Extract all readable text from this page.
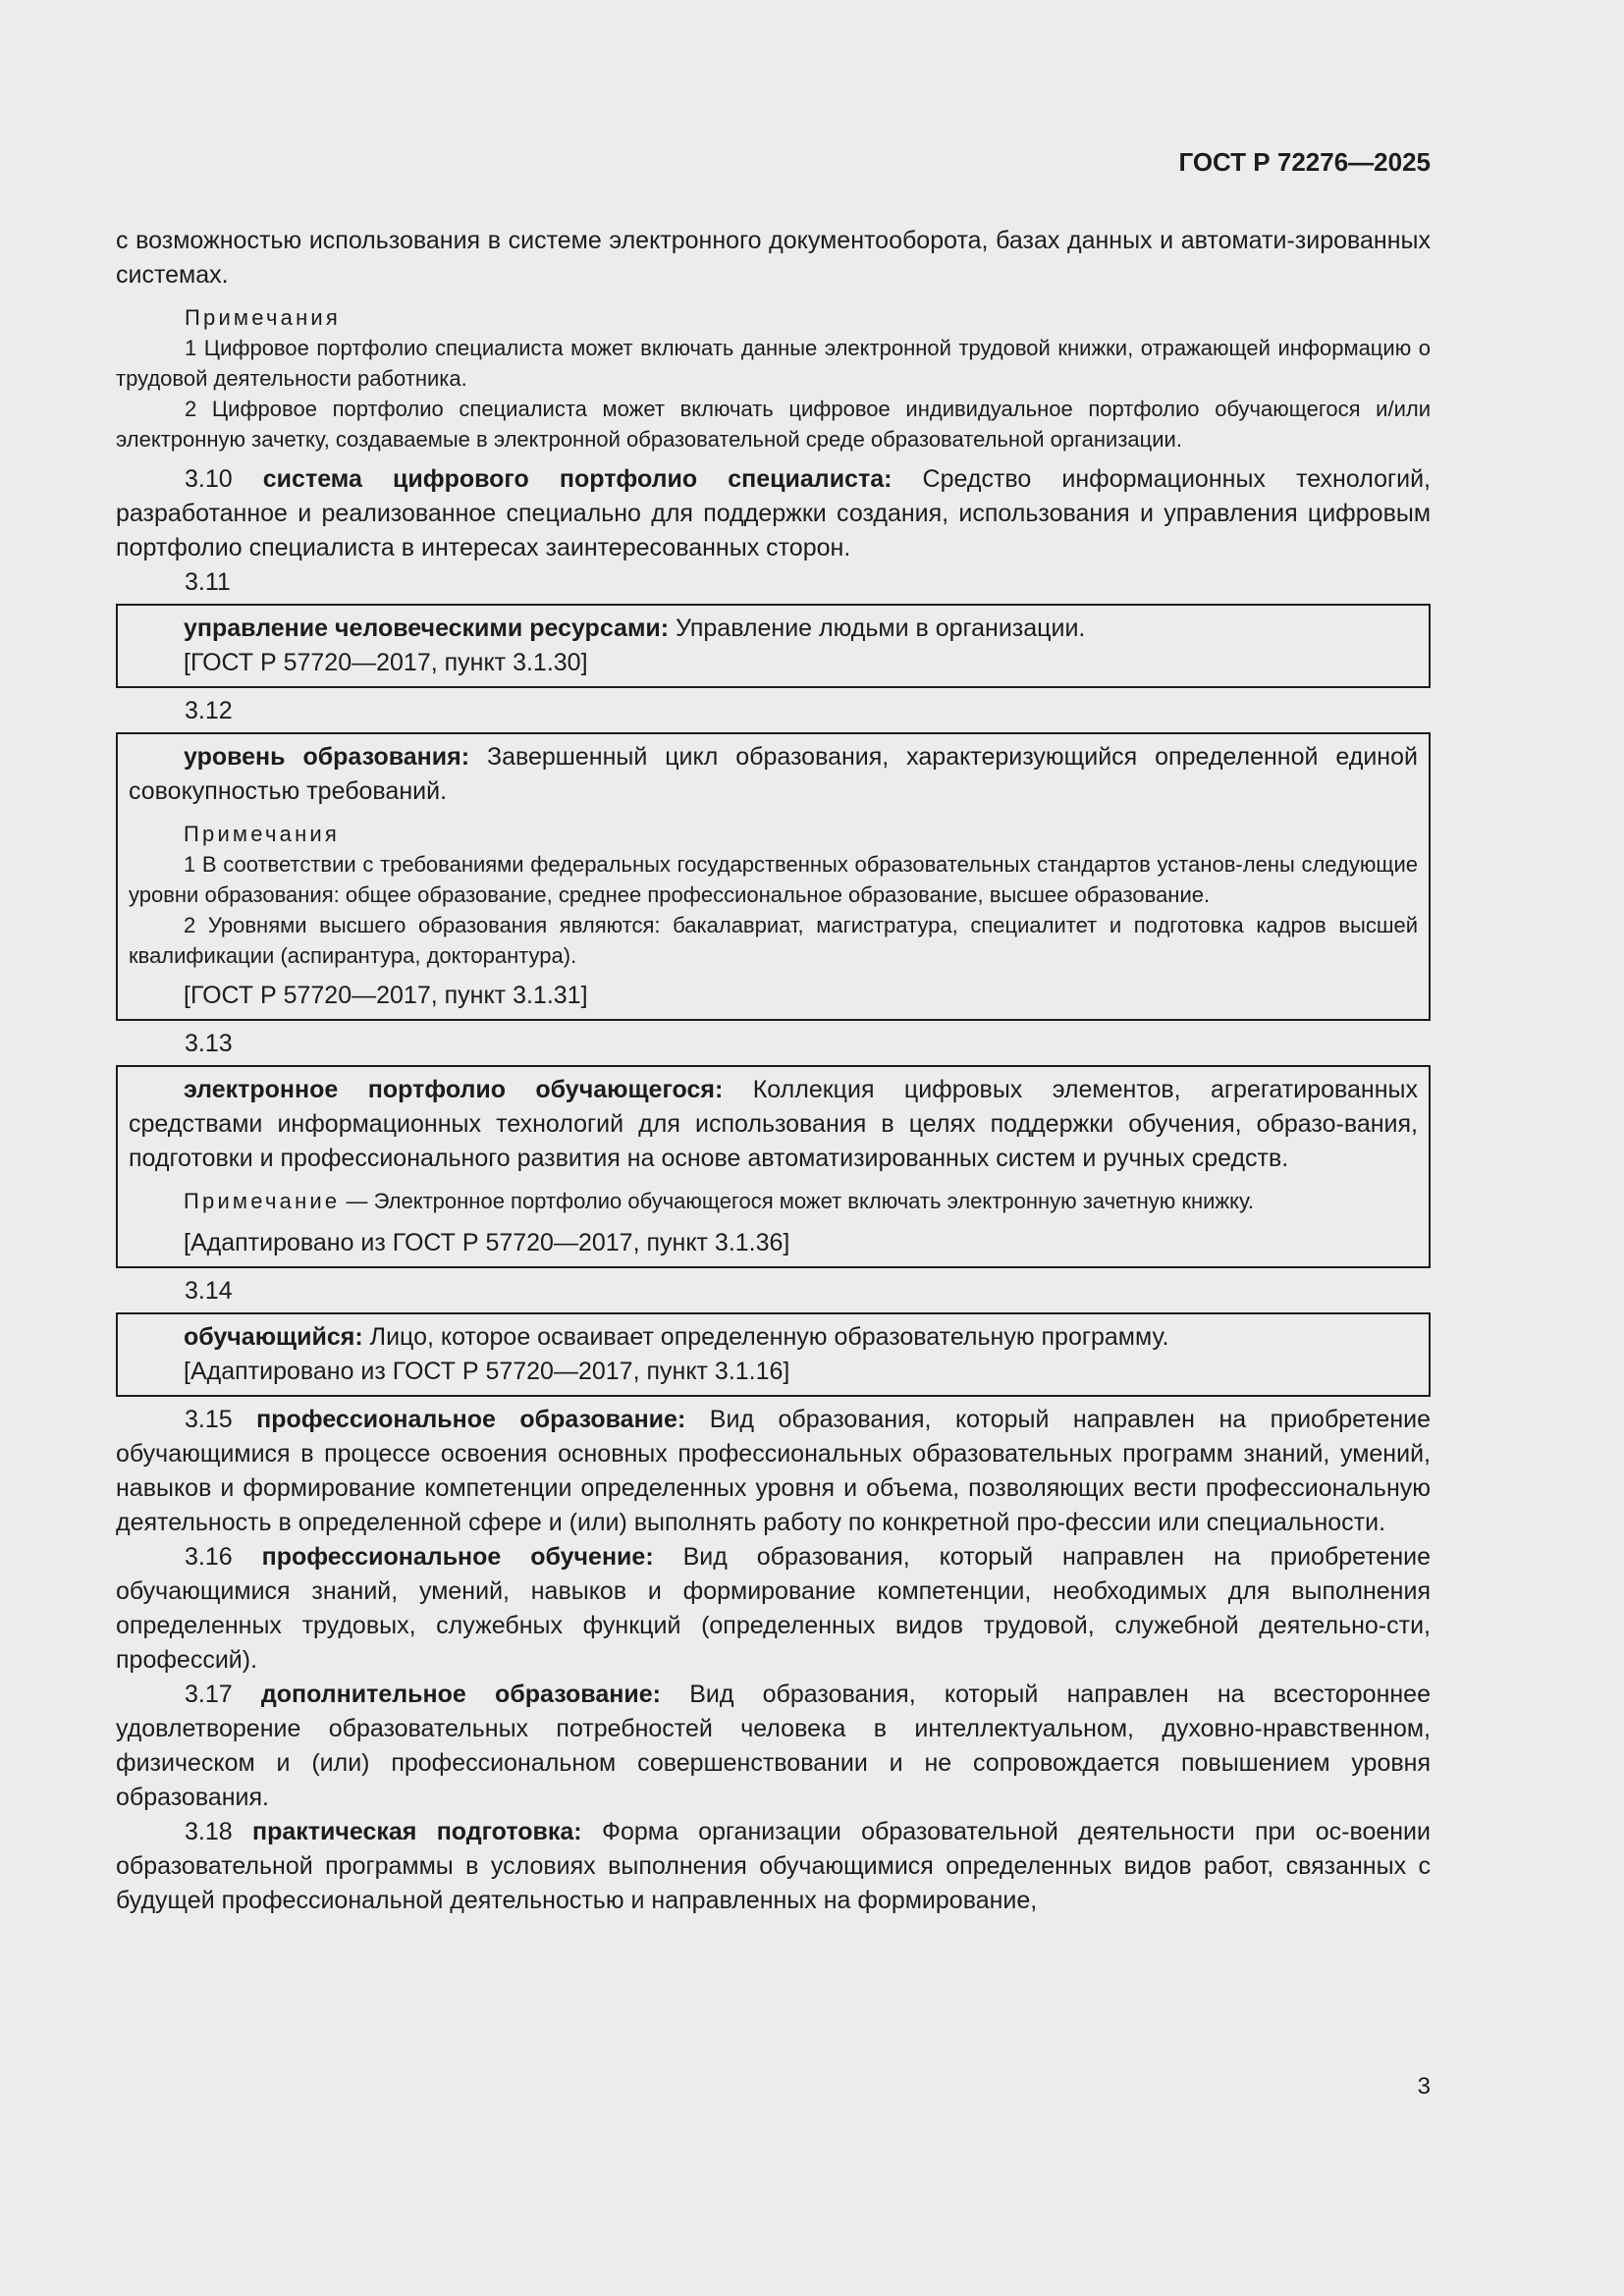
ГОСТ Р 72276—2025

с возможностью использования в системе электронного документооборота, базах данных и автомати-зированных системах.

Примечания

1 Цифровое портфолио специалиста может включать данные электронной трудовой книжки, отражающей информацию о трудовой деятельности работника.

2 Цифровое портфолио специалиста может включать цифровое индивидуальное портфолио обучающегося и/или электронную зачетку, создаваемые в электронной образовательной среде образовательной организации.

3.10 система цифрового портфолио специалиста: Средство информационных технологий, разработанное и реализованное специально для поддержки создания, использования и управления цифровым портфолио специалиста в интересах заинтересованных сторон.

3.11

управление человеческими ресурсами: Управление людьми в организации.

[ГОСТ Р 57720—2017, пункт 3.1.30]

3.12

уровень образования: Завершенный цикл образования, характеризующийся определенной единой совокупностью требований.

Примечания

1 В соответствии с требованиями федеральных государственных образовательных стандартов установ-лены следующие уровни образования: общее образование, среднее профессиональное образование, высшее образование.

2 Уровнями высшего образования являются: бакалавриат, магистратура, специалитет и подготовка кадров высшей квалификации (аспирантура, докторантура).

[ГОСТ Р 57720—2017, пункт 3.1.31]

3.13

электронное портфолио обучающегося: Коллекция цифровых элементов, агрегатированных средствами информационных технологий для использования в целях поддержки обучения, образо-вания, подготовки и профессионального развития на основе автоматизированных систем и ручных средств.

Примечание — Электронное портфолио обучающегося может включать электронную зачетную книжку.

[Адаптировано из ГОСТ Р 57720—2017, пункт 3.1.36]

3.14

обучающийся: Лицо, которое осваивает определенную образовательную программу.

[Адаптировано из ГОСТ Р 57720—2017, пункт 3.1.16]

3.15 профессиональное образование: Вид образования, который направлен на приобретение обучающимися в процессе освоения основных профессиональных образовательных программ знаний, умений, навыков и формирование компетенции определенных уровня и объема, позволяющих вести профессиональную деятельность в определенной сфере и (или) выполнять работу по конкретной про-фессии или специальности.

3.16 профессиональное обучение: Вид образования, который направлен на приобретение обучающимися знаний, умений, навыков и формирование компетенции, необходимых для выполнения определенных трудовых, служебных функций (определенных видов трудовой, служебной деятельно-сти, профессий).

3.17 дополнительное образование: Вид образования, который направлен на всестороннее удовлетворение образовательных потребностей человека в интеллектуальном, духовно-нравственном, физическом и (или) профессиональном совершенствовании и не сопровождается повышением уровня образования.

3.18 практическая подготовка: Форма организации образовательной деятельности при ос-воении образовательной программы в условиях выполнения обучающимися определенных видов работ, связанных с будущей профессиональной деятельностью и направленных на формирование,

3
